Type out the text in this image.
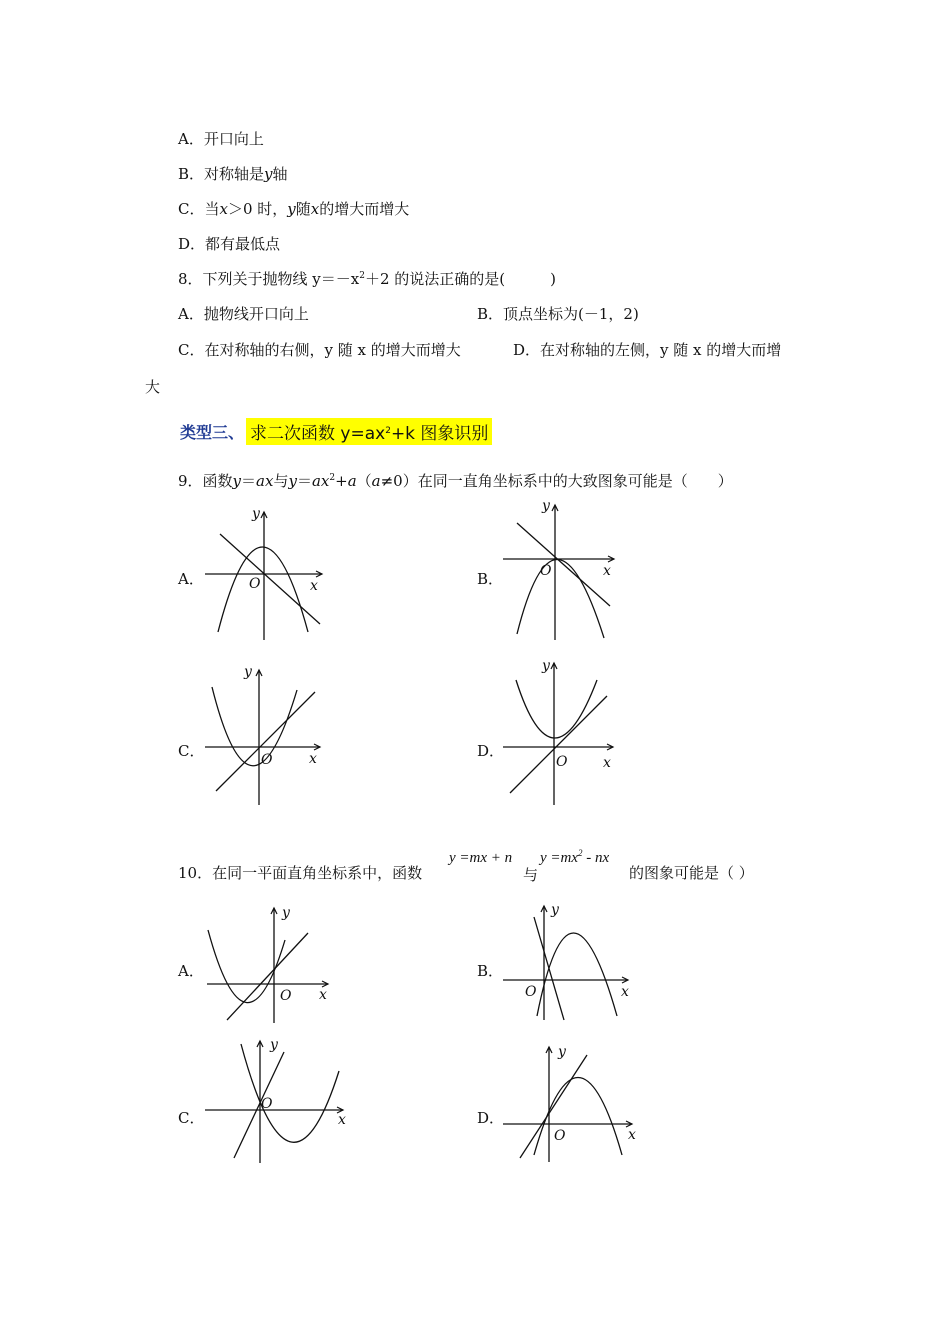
A．开口向上
B．对称轴是y轴
C．当x＞0 时，y随x的增大而增大
D．都有最低点
8．下列关于抛物线 $y=-x^2+2$ 的说法正确的是(　　　)
A．抛物线开口向上	B．顶点坐标为(－1，2)
C．在对称轴的右侧，y 随 x 的增大而增大	D．在对称轴的左侧，y 随 x 的增大而增
大
类型三、 求二次函数 $y=ax^2+k$ 图象识别
9．函数y＝ax与$y=ax^2+a(a\ne 0)$在同一直角坐标系中的大致图象可能是（　　）
A．	B．
C．	D．
y
x
O
y
x
O
y
x
O
y
x
O
10．在同一平面直角坐标系中，函数
y =mx + n
与
$y =mx^2$ - nx
的图象可能是（ ）
A．	B．
C．	D．
y
x
O
y
x
O
y
x
O
y
x
O
